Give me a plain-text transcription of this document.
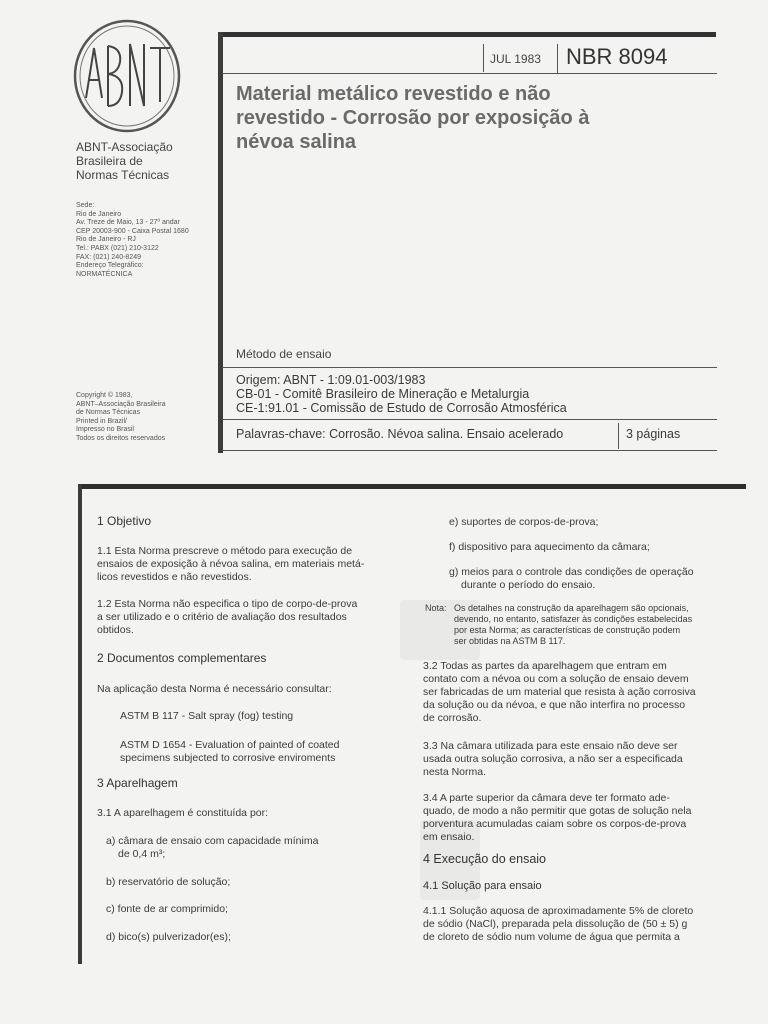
ABNT-Associação
Brasileira de
Normas Técnicas
Sede:
Rio de Janeiro
Av. Treze de Maio, 13 - 27º andar
CEP 20003-900 - Caixa Postal 1680
Rio de Janeiro - RJ
Tel.: PABX (021) 210-3122
FAX: (021) 240-8249
Endereço Telegráfico:
NORMATÉCNICA
Copyright © 1983,
ABNT–Associação Brasileira
de Normas Técnicas
Printed in Brazil/
Impresso no Brasil
Todos os direitos reservados
JUL 1983 NBR 8094
Material metálico revestido e não
revestido - Corrosão por exposição à
névoa salina
Método de ensaio
Origem: ABNT - 1:09.01-003/1983
CB-01 - Comitê Brasileiro de Mineração e Metalurgia
CE-1:91.01 - Comissão de Estudo de Corrosão Atmosférica
Palavras-chave: Corrosão. Névoa salina. Ensaio acelerado	3 páginas
1 Objetivo
1.1 Esta Norma prescreve o método para execução de
ensaios de exposição à névoa salina, em materiais metá-
licos revestidos e não revestidos.
1.2 Esta Norma não especifica o tipo de corpo-de-prova
a ser utilizado e o critério de avaliação dos resultados
obtidos.
2 Documentos complementares
Na aplicação desta Norma é necessário consultar:
ASTM B 117 - Salt spray (fog) testing
ASTM D 1654 - Evaluation of painted of coated
specimens subjected to corrosive enviroments
3 Aparelhagem
3.1 A aparelhagem é constituída por:
a) câmara de ensaio com capacidade mínima
de 0,4 m³;
b) reservatório de solução;
c) fonte de ar comprimido;
d) bico(s) pulverizador(es);
e) suportes de corpos-de-prova;
f) dispositivo para aquecimento da câmara;
g) meios para o controle das condições de operação
durante o período do ensaio.
Nota: Os detalhes na construção da aparelhagem são opcionais,
devendo, no entanto, satisfazer às condições estabelecidas
por esta Norma; as características de construção podem
ser obtidas na ASTM B 117.
3.2 Todas as partes da aparelhagem que entram em
contato com a névoa ou com a solução de ensaio devem
ser fabricadas de um material que resista à ação corrosiva
da solução ou da névoa, e que não interfira no processo
de corrosão.
3.3 Na câmara utilizada para este ensaio não deve ser
usada outra solução corrosiva, a não ser a especificada
nesta Norma.
3.4 A parte superior da câmara deve ter formato ade-
quado, de modo a não permitir que gotas de solução nela
porventura acumuladas caiam sobre os corpos-de-prova
em ensaio.
4 Execução do ensaio
4.1 Solução para ensaio
4.1.1 Solução aquosa de aproximadamente 5% de cloreto
de sódio (NaCl), preparada pela dissolução de (50 ± 5) g
de cloreto de sódio num volume de água que permita a
